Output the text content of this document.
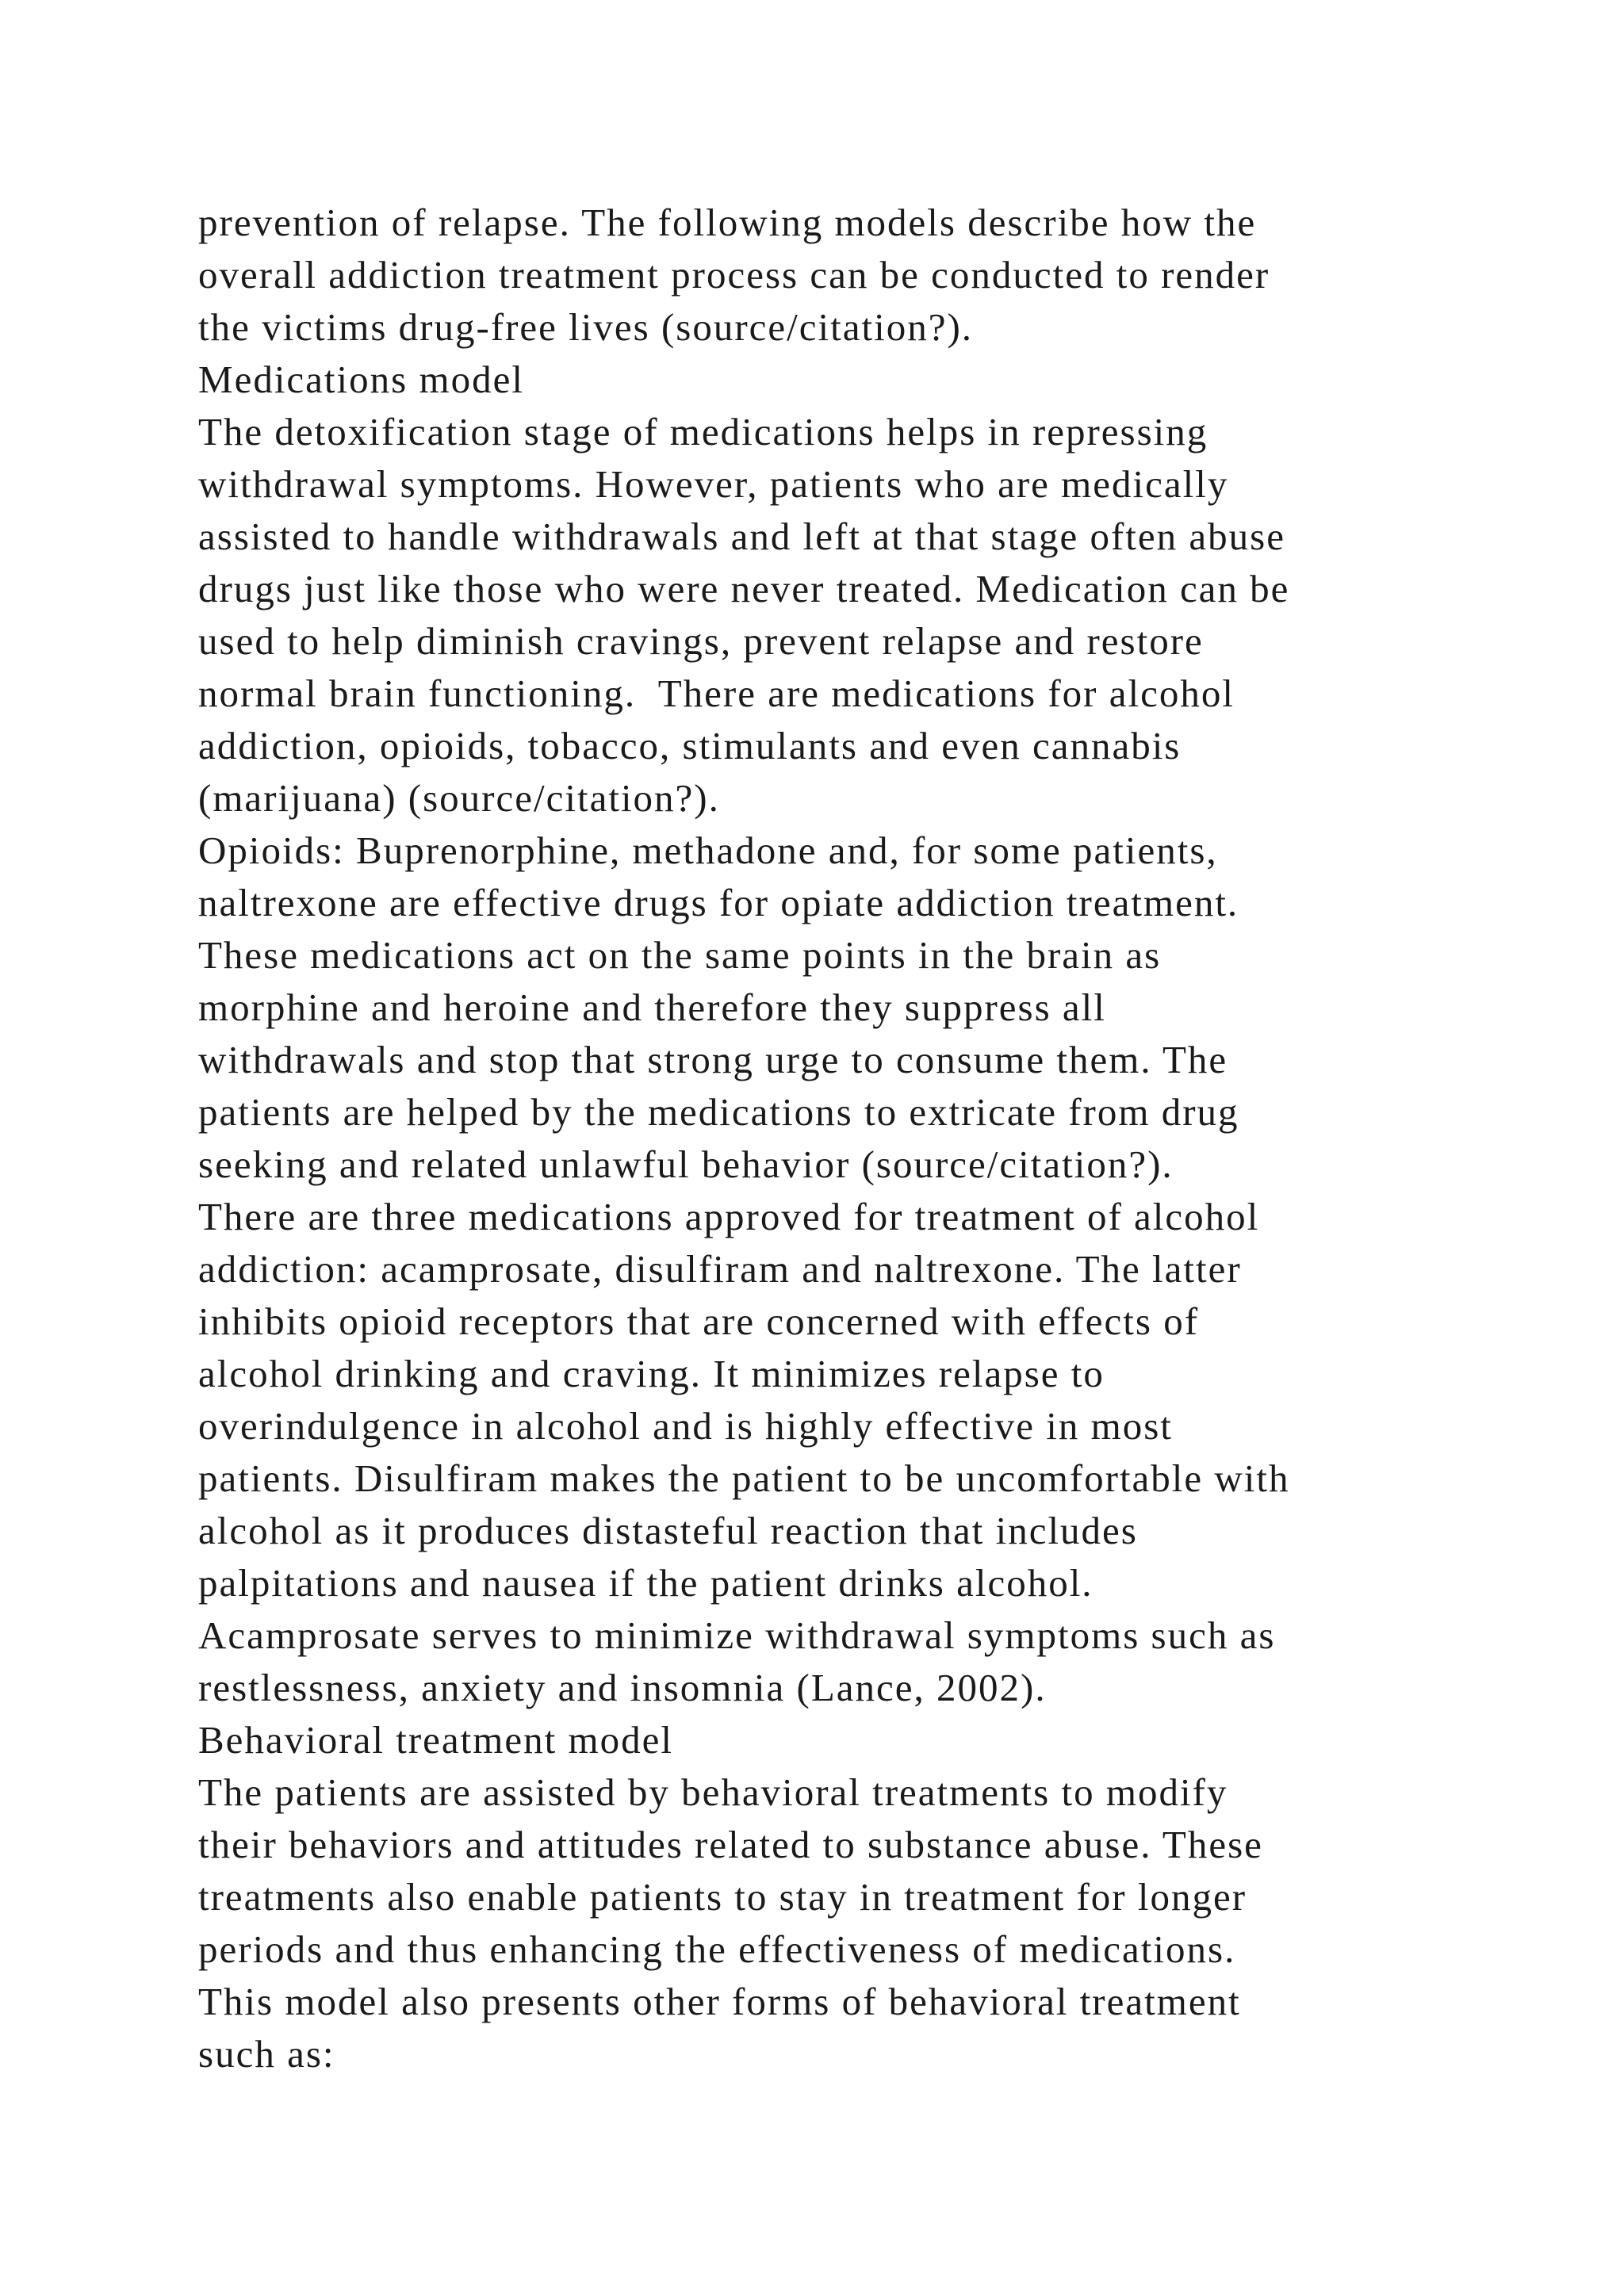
prevention of relapse. The following models describe how the
overall addiction treatment process can be conducted to render
the victims drug-free lives (source/citation?).
Medications model
The detoxification stage of medications helps in repressing
withdrawal symptoms. However, patients who are medically
assisted to handle withdrawals and left at that stage often abuse
drugs just like those who were never treated. Medication can be
used to help diminish cravings, prevent relapse and restore
normal brain functioning.  There are medications for alcohol
addiction, opioids, tobacco, stimulants and even cannabis
(marijuana) (source/citation?).
Opioids: Buprenorphine, methadone and, for some patients,
naltrexone are effective drugs for opiate addiction treatment.
These medications act on the same points in the brain as
morphine and heroine and therefore they suppress all
withdrawals and stop that strong urge to consume them. The
patients are helped by the medications to extricate from drug
seeking and related unlawful behavior (source/citation?).
There are three medications approved for treatment of alcohol
addiction: acamprosate, disulfiram and naltrexone. The latter
inhibits opioid receptors that are concerned with effects of
alcohol drinking and craving. It minimizes relapse to
overindulgence in alcohol and is highly effective in most
patients. Disulfiram makes the patient to be uncomfortable with
alcohol as it produces distasteful reaction that includes
palpitations and nausea if the patient drinks alcohol.
Acamprosate serves to minimize withdrawal symptoms such as
restlessness, anxiety and insomnia (Lance, 2002).
Behavioral treatment model
The patients are assisted by behavioral treatments to modify
their behaviors and attitudes related to substance abuse. These
treatments also enable patients to stay in treatment for longer
periods and thus enhancing the effectiveness of medications.
This model also presents other forms of behavioral treatment
such as:
